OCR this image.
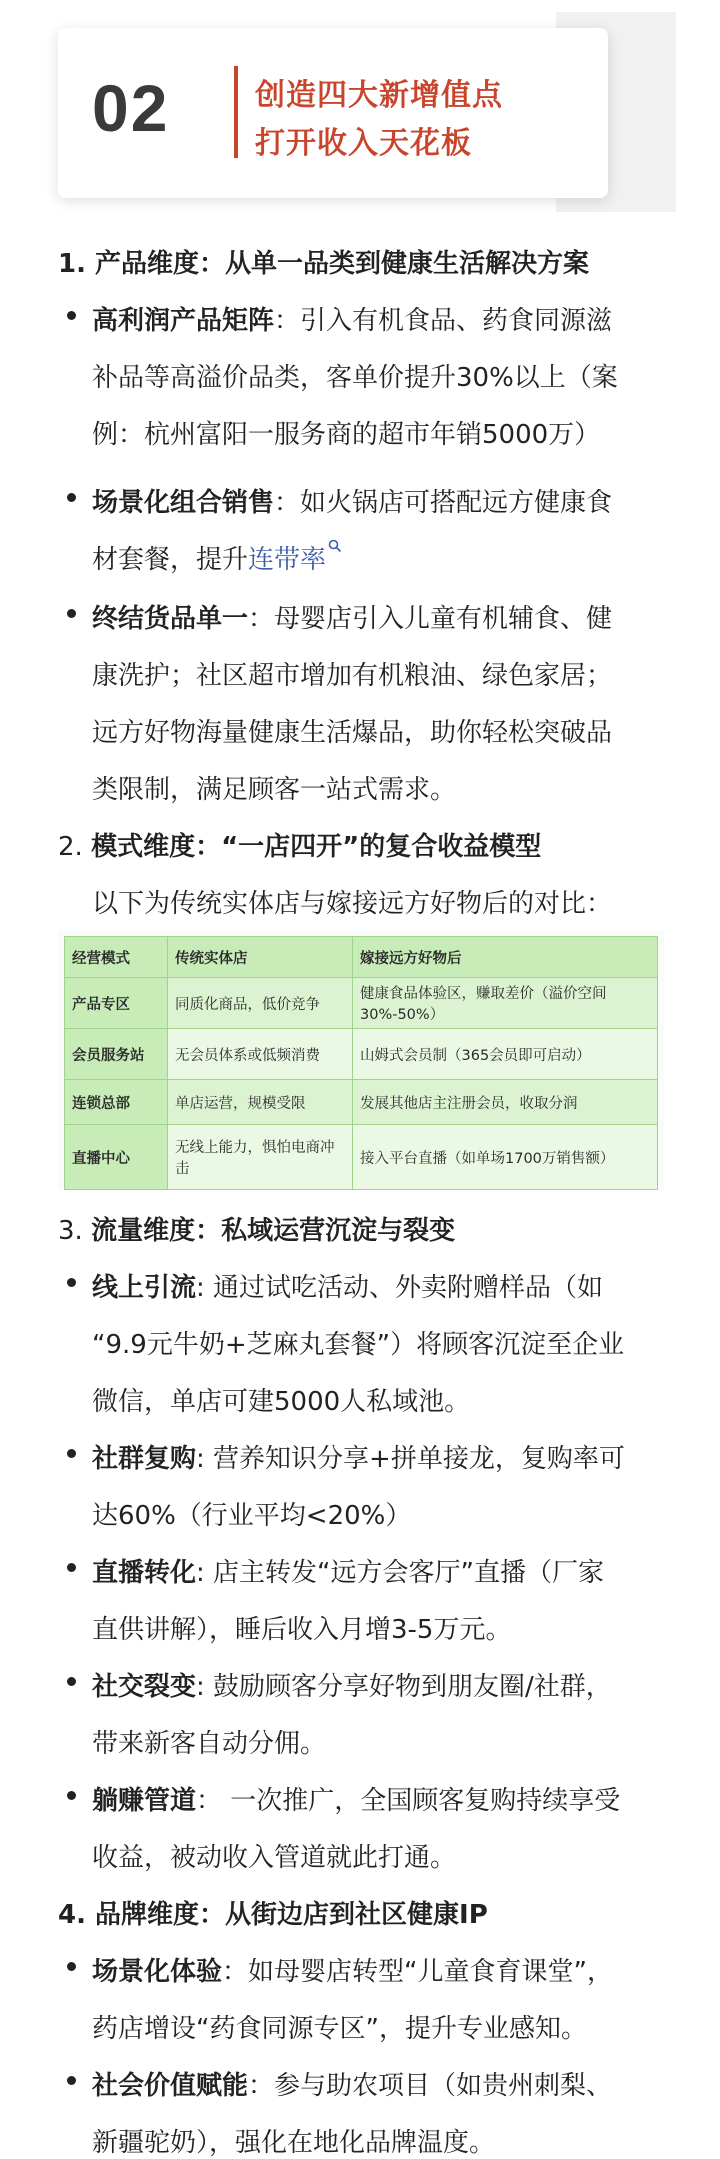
02	创造四大新增值点
打开收入天花板
1. 产品维度：从单一品类到健康生活解决方案
高利润产品矩阵：引入有机食品、药食同源滋
补品等高溢价品类，客单价提升30%以上（案
例：杭州富阳一服务商的超市年销5000万）
场景化组合销售：如火锅店可搭配远方健康食
材套餐，提升连带率
终结货品单一：母婴店引入儿童有机辅食、健
康洗护；社区超市增加有机粮油、绿色家居；
远方好物海量健康生活爆品，助你轻松突破品
类限制，满足顾客一站式需求。
2. 模式维度：“一店四开”的复合收益模型
以下为传统实体店与嫁接远方好物后的对比：
经营模式	传统实体店	嫁接远方好物后
产品专区	同质化商品，低价竞争	健康食品体验区，赚取差价（溢价空间30%-50%）
会员服务站	无会员体系或低频消费	山姆式会员制（365会员即可启动）
连锁总部	单店运营，规模受限	发展其他店主注册会员，收取分润
直播中心	无线上能力，惧怕电商冲击	接入平台直播（如单场1700万销售额）
3. 流量维度：私域运营沉淀与裂变
线上引流: 通过试吃活动、外卖附赠样品（如
“9.9元牛奶+芝麻丸套餐”）将顾客沉淀至企业
微信，单店可建5000人私域池。
社群复购: 营养知识分享+拼单接龙，复购率可
达60%（行业平均<20%）
直播转化: 店主转发“远方会客厅”直播（厂家
直供讲解），睡后收入月增3-5万元。
社交裂变: 鼓励顾客分享好物到朋友圈/社群，
带来新客自动分佣。
躺赚管道： 一次推广，全国顾客复购持续享受
收益，被动收入管道就此打通。
4. 品牌维度：从街边店到社区健康IP
场景化体验：如母婴店转型“儿童食育课堂”，
药店增设“药食同源专区”，提升专业感知。
社会价值赋能：参与助农项目（如贵州刺梨、
新疆驼奶），强化在地化品牌温度。
